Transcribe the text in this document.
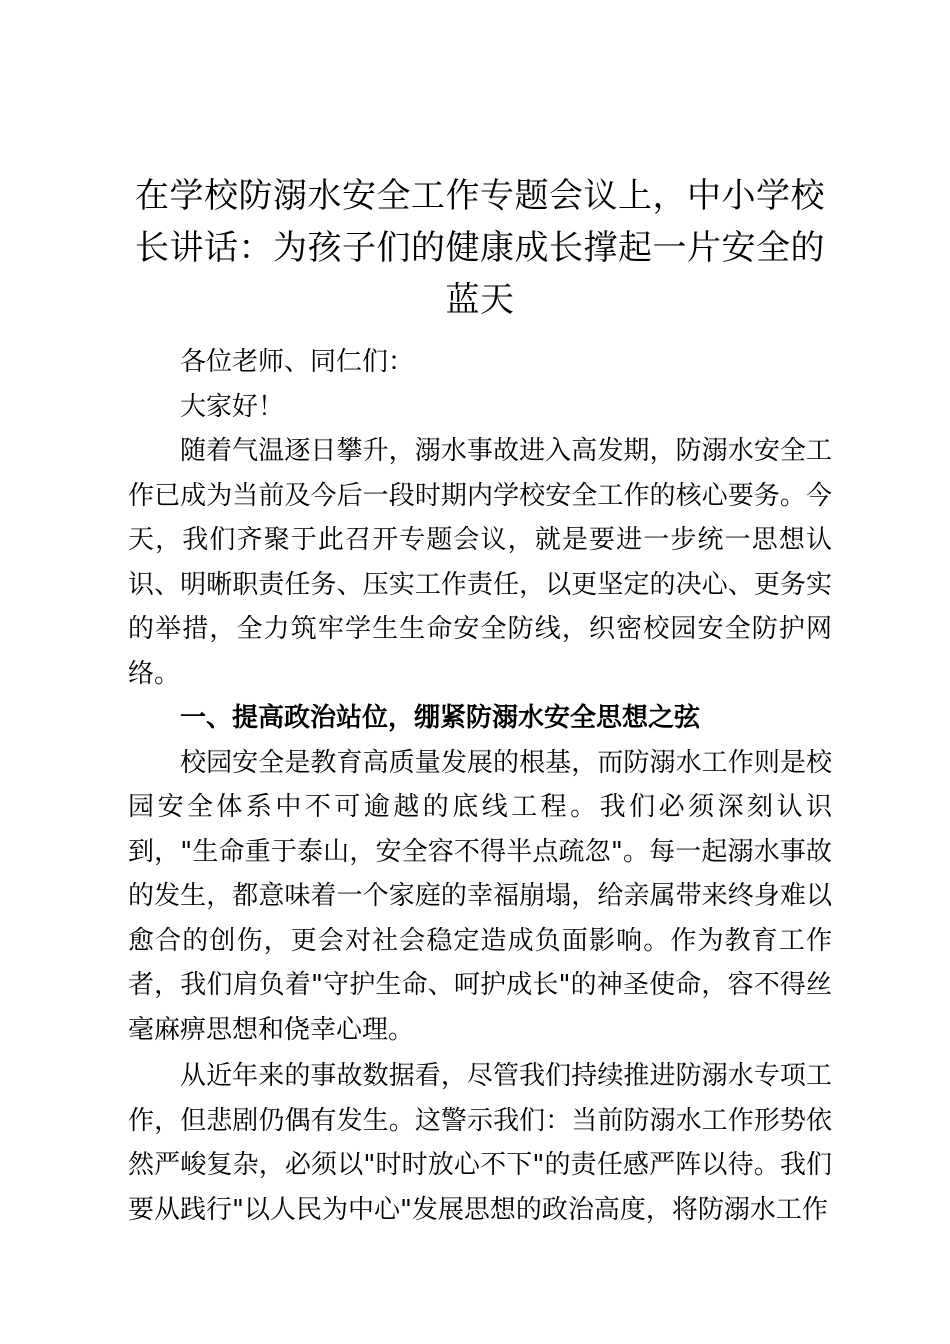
在学校防溺水安全工作专题会议上，中小学校长讲话：为孩子们的健康成长撑起一片安全的蓝天

各位老师、同仁们：

大家好！

随着气温逐日攀升，溺水事故进入高发期，防溺水安全工作已成为当前及今后一段时期内学校安全工作的核心要务。今天，我们齐聚于此召开专题会议，就是要进一步统一思想认识、明晰职责任务、压实工作责任，以更坚定的决心、更务实的举措，全力筑牢学生生命安全防线，织密校园安全防护网络。

一、提高政治站位，绷紧防溺水安全思想之弦

校园安全是教育高质量发展的根基，而防溺水工作则是校园安全体系中不可逾越的底线工程。我们必须深刻认识到，"生命重于泰山，安全容不得半点疏忽"。每一起溺水事故的发生，都意味着一个家庭的幸福崩塌，给亲属带来终身难以愈合的创伤，更会对社会稳定造成负面影响。作为教育工作者，我们肩负着"守护生命、呵护成长"的神圣使命，容不得丝毫麻痹思想和侥幸心理。

从近年来的事故数据看，尽管我们持续推进防溺水专项工作，但悲剧仍偶有发生。这警示我们：当前防溺水工作形势依然严峻复杂，必须以"时时放心不下"的责任感严阵以待。我们要从践行"以人民为中心"发展思想的政治高度，将防溺水工作
